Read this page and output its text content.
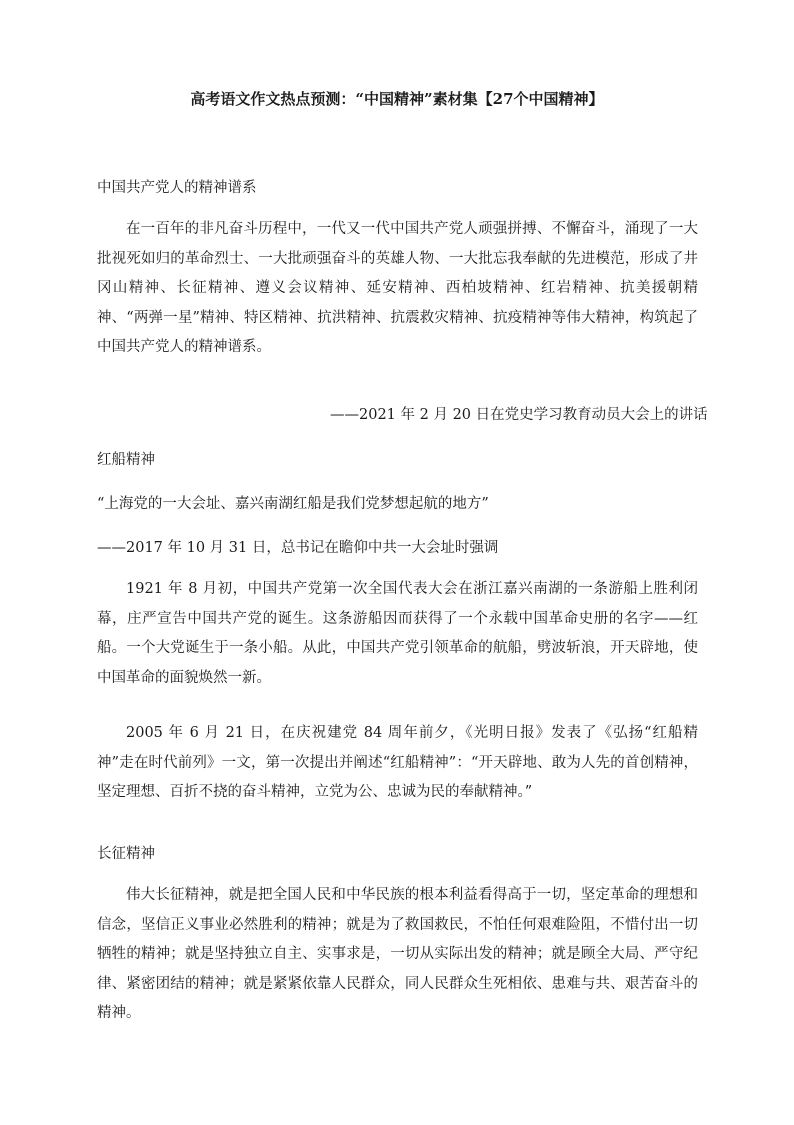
高考语文作文热点预测：“中国精神”素材集【27个中国精神】
中国共产党人的精神谱系

在一百年的非凡奋斗历程中，一代又一代中国共产党人顽强拼搏、不懈奋斗，涌现了一大批视死如归的革命烈士、一大批顽强奋斗的英雄人物、一大批忘我奉献的先进模范，形成了井冈山精神、长征精神、遵义会议精神、延安精神、西柏坡精神、红岩精神、抗美援朝精神、“两弹一星”精神、特区精神、抗洪精神、抗震救灾精神、抗疫精神等伟大精神，构筑起了中国共产党人的精神谱系。

——2021 年 2 月 20 日在党史学习教育动员大会上的讲话
红船精神
“上海党的一大会址、嘉兴南湖红船是我们党梦想起航的地方”
——2017 年 10 月 31 日，总书记在瞻仰中共一大会址时强调

1921 年 8 月初，中国共产党第一次全国代表大会在浙江嘉兴南湖的一条游船上胜利闭幕，庄严宣告中国共产党的诞生。这条游船因而获得了一个永载中国革命史册的名字——红船。一个大党诞生于一条小船。从此，中国共产党引领革命的航船，劈波斩浪，开天辟地，使中国革命的面貌焕然一新。

2005 年 6 月 21 日，在庆祝建党 84 周年前夕，《光明日报》发表了《弘扬“红船精神”走在时代前列》一文，第一次提出并阐述“红船精神”：“开天辟地、敢为人先的首创精神，坚定理想、百折不挠的奋斗精神，立党为公、忠诚为民的奉献精神。”

长征精神

伟大长征精神，就是把全国人民和中华民族的根本利益看得高于一切，坚定革命的理想和信念，坚信正义事业必然胜利的精神；就是为了救国救民，不怕任何艰难险阻，不惜付出一切牺牲的精神；就是坚持独立自主、实事求是，一切从实际出发的精神；就是顾全大局、严守纪律、紧密团结的精神；就是紧紧依靠人民群众，同人民群众生死相依、患难与共、艰苦奋斗的精神。
